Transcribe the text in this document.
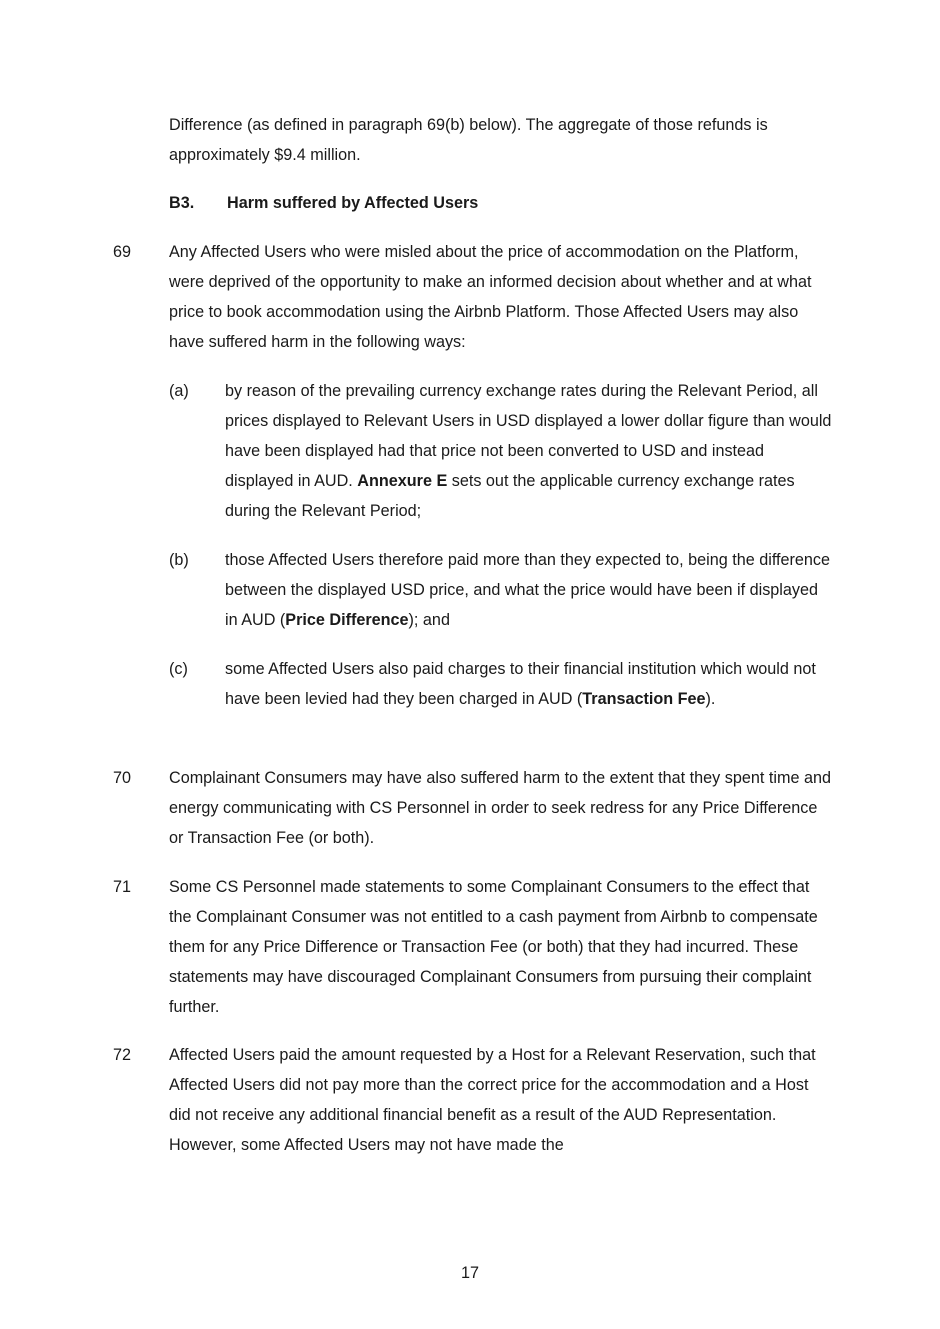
Difference (as defined in paragraph 69(b) below). The aggregate of those refunds is approximately $9.4 million.

B3. Harm suffered by Affected Users
69 Any Affected Users who were misled about the price of accommodation on the Platform, were deprived of the opportunity to make an informed decision about whether and at what price to book accommodation using the Airbnb Platform. Those Affected Users may also have suffered harm in the following ways:

(a) by reason of the prevailing currency exchange rates during the Relevant Period, all prices displayed to Relevant Users in USD displayed a lower dollar figure than would have been displayed had that price not been converted to USD and instead displayed in AUD. Annexure E sets out the applicable currency exchange rates during the Relevant Period;

(b) those Affected Users therefore paid more than they expected to, being the difference between the displayed USD price, and what the price would have been if displayed in AUD (Price Difference); and

(c) some Affected Users also paid charges to their financial institution which would not have been levied had they been charged in AUD (Transaction Fee).

70 Complainant Consumers may have also suffered harm to the extent that they spent time and energy communicating with CS Personnel in order to seek redress for any Price Difference or Transaction Fee (or both).

71 Some CS Personnel made statements to some Complainant Consumers to the effect that the Complainant Consumer was not entitled to a cash payment from Airbnb to compensate them for any Price Difference or Transaction Fee (or both) that they had incurred. These statements may have discouraged Complainant Consumers from pursuing their complaint further.

72 Affected Users paid the amount requested by a Host for a Relevant Reservation, such that Affected Users did not pay more than the correct price for the accommodation and a Host did not receive any additional financial benefit as a result of the AUD Representation. However, some Affected Users may not have made the

17
